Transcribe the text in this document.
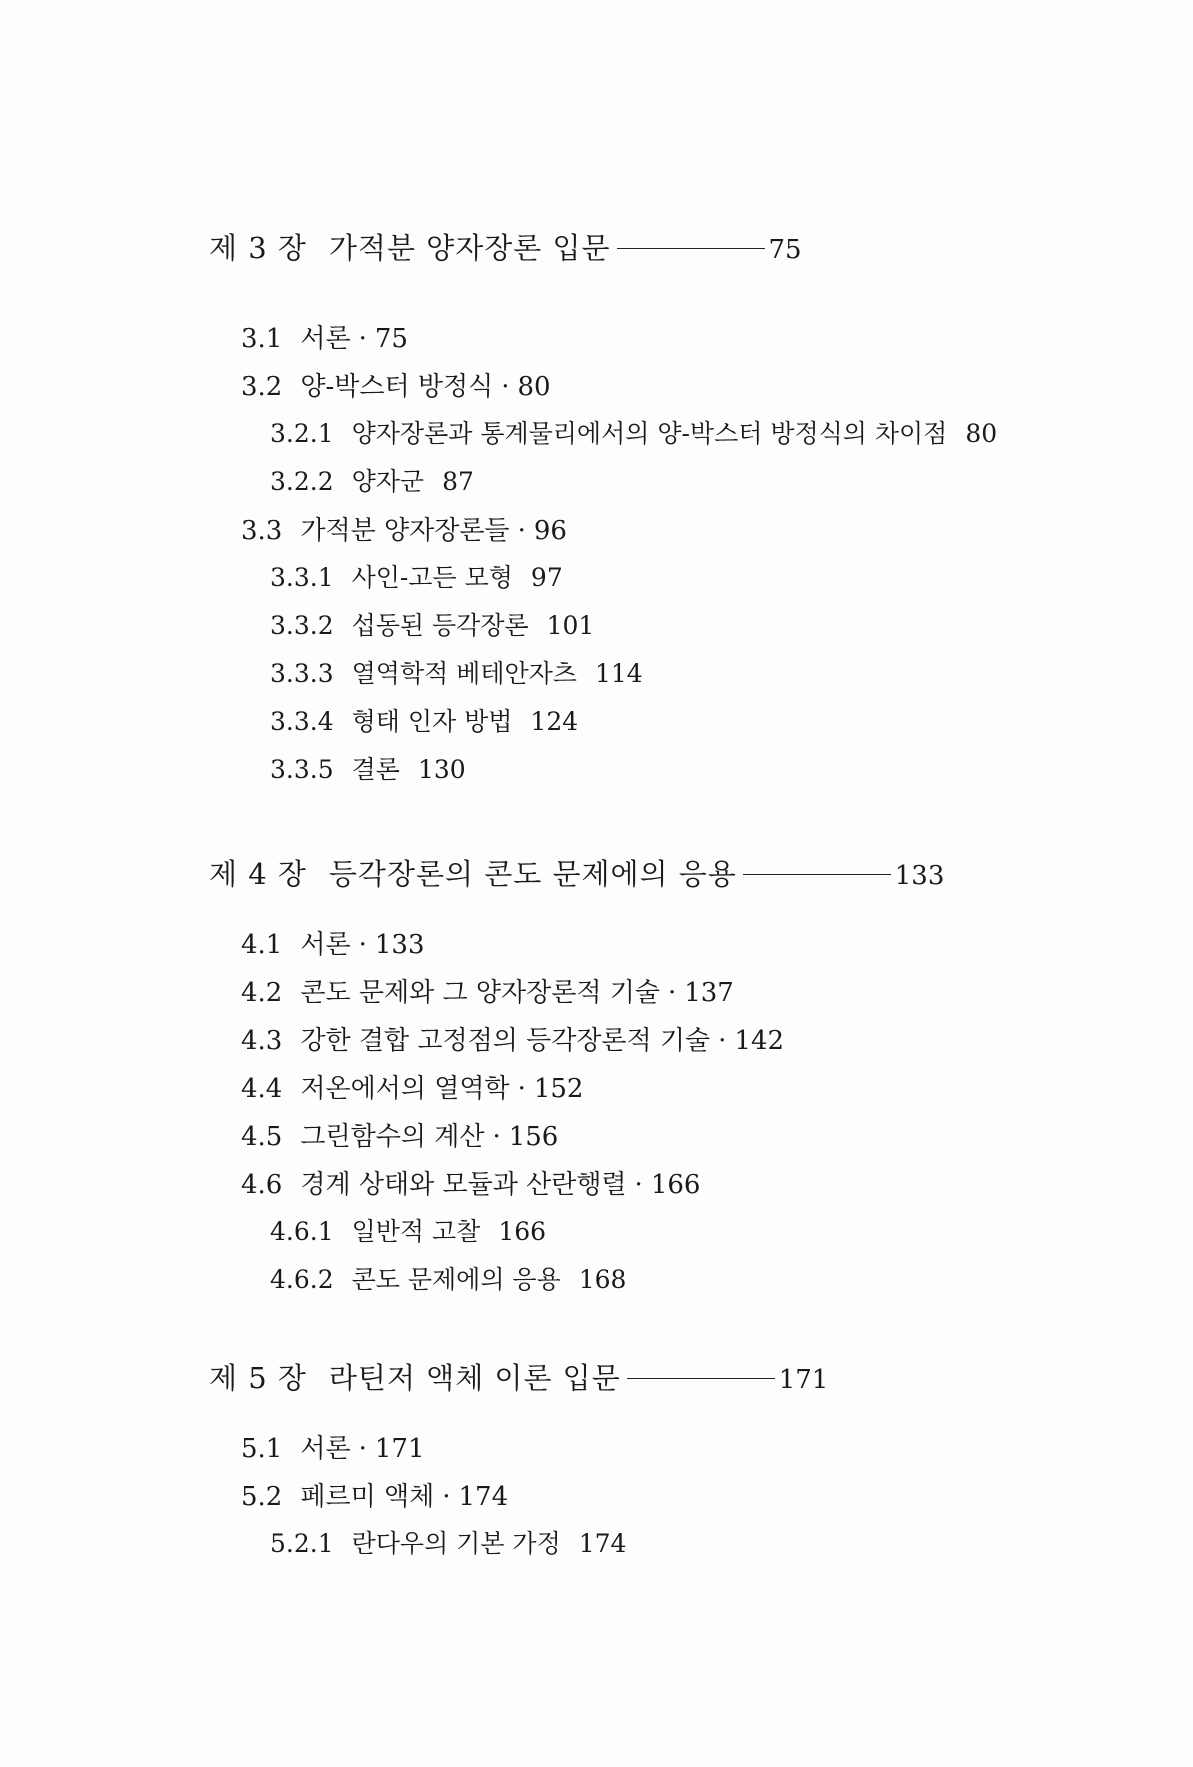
제 3 장 가적분 양자장론 입문	75
3.1 서론 · 75
3.2 양-박스터 방정식 · 80
3.2.1 양자장론과 통계물리에서의 양-박스터 방정식의 차이점 80
3.2.2 양자군 87
3.3 가적분 양자장론들 · 96
3.3.1 사인-고든 모형 97
3.3.2 섭동된 등각장론 101
3.3.3 열역학적 베테안자츠 114
3.3.4 형태 인자 방법 124
3.3.5 결론 130
제 4 장 등각장론의 콘도 문제에의 응용	133
4.1 서론 · 133
4.2 콘도 문제와 그 양자장론적 기술 · 137
4.3 강한 결합 고정점의 등각장론적 기술 · 142
4.4 저온에서의 열역학 · 152
4.5 그린함수의 계산 · 156
4.6 경계 상태와 모듈과 산란행렬 · 166
4.6.1 일반적 고찰 166
4.6.2 콘도 문제에의 응용 168
제 5 장 라틴저 액체 이론 입문	171
5.1 서론 · 171
5.2 페르미 액체 · 174
5.2.1 란다우의 기본 가정 174
